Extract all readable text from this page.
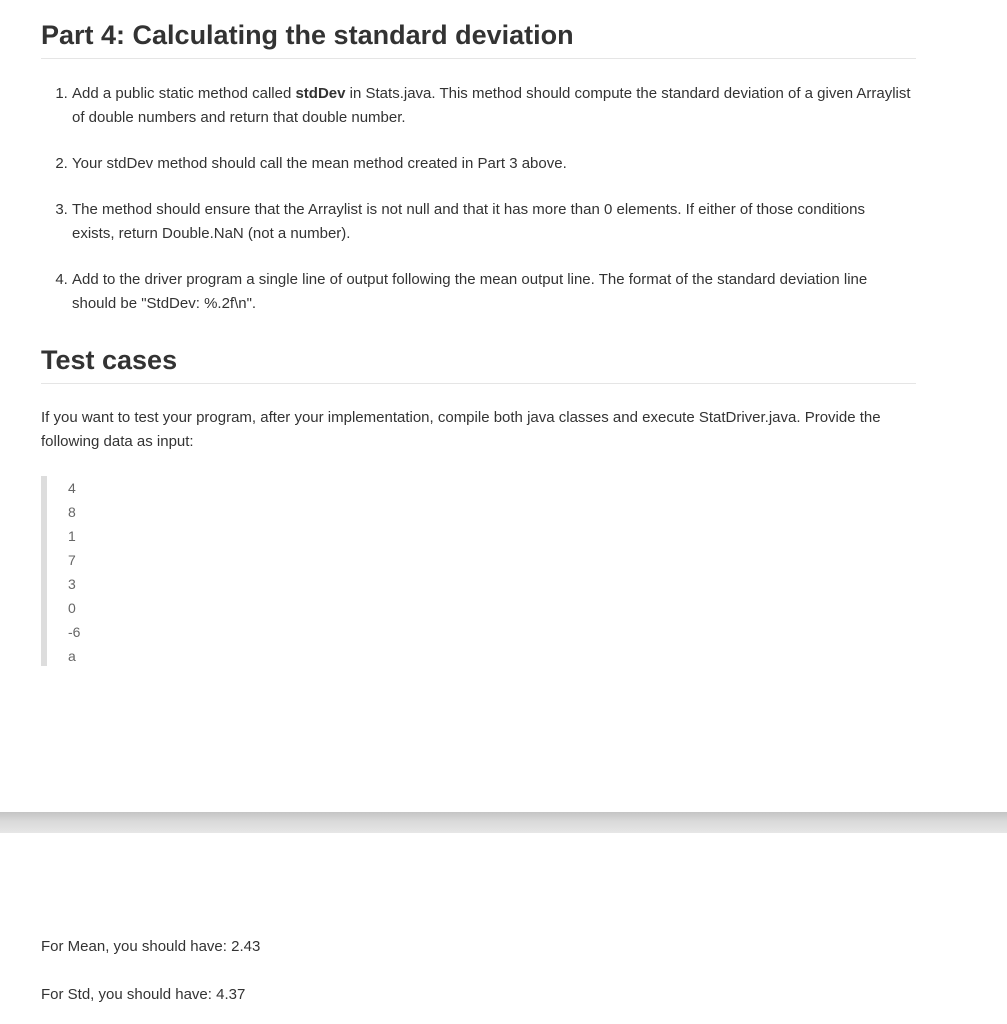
Part 4: Calculating the standard deviation
1. Add a public static method called stdDev in Stats.java. This method should compute the standard deviation of a given Arraylist of double numbers and return that double number.
2. Your stdDev method should call the mean method created in Part 3 above.
3. The method should ensure that the Arraylist is not null and that it has more than 0 elements. If either of those conditions exists, return Double.NaN (not a number).
4. Add to the driver program a single line of output following the mean output line. The format of the standard deviation line should be "StdDev: %.2f\n".
Test cases

If you want to test your program, after your implementation, compile both java classes and execute StatDriver.java. Provide the following data as input:

4
8
1
7
3
0
-6
a

For Mean, you should have: 2.43

For Std, you should have: 4.37
